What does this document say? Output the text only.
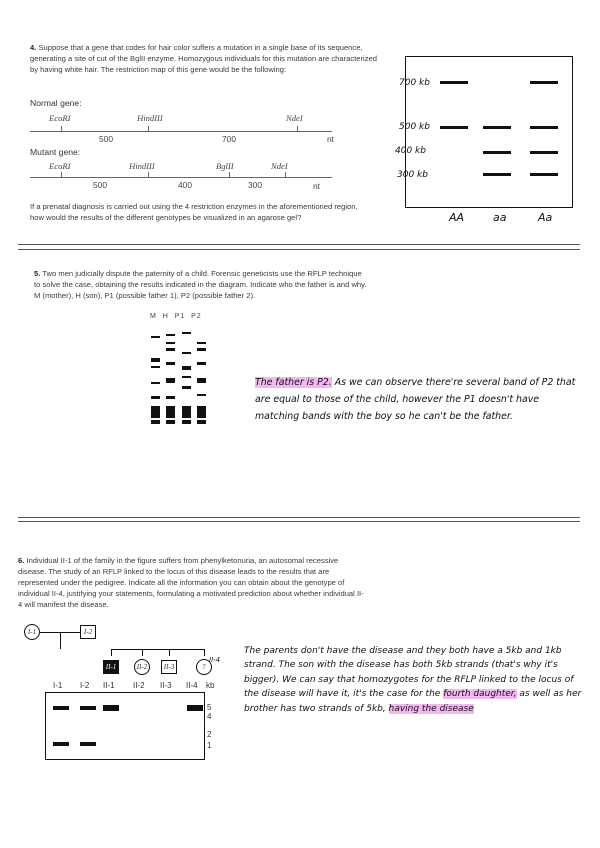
4. Suppose that a gene that codes for hair color suffers a mutation in a single base of its sequence, generating a site of cut of the BglII enzyme. Homozygous individuals for this mutation are characterized by having white hair. The restriction map of this gene would be the following:
Normal gene:
EcoRI	HindIII	NdeI
500	700	nt
Mutant gene:
EcoRI	HindIII	BglII	NdeI
500	400	300	nt
If a prenatal diagnosis is carried out using the 4 restriction enzymes in the aforementioned region, how would the results of the different genotypes be visualized in an agarose gel?
700 kb
500 kb
400 kb
300 kb
AA	aa	Aa
5. Two men judicially dispute the paternity of a child. Forensic geneticists use the RFLP technique to solve the case, obtaining the results indicated in the diagram. Indicate who the father is and why. M (mother), H (son), P1 (possible father 1), P2 (possible father 2).
M H P1 P2
The father is P2. As we can observe there're several band of P2 that are equal to those of the child, however the P1 doesn't have matching bands with the boy so he can't be the father.
6. Individual II-1 of the family in the figure suffers from phenylketonuria, an autosomal recessive disease. The study of an RFLP linked to the locus of this disease leads to the results that are represented under the pedigree. Indicate all the information you can obtain about the genotype of individual II-4, justifying your statements, formulating a motivated prediction about whether individual II-4 will manifest the disease.
I-1	I-2
II-1	II-2	II-3	?
II-4
I-1 I-2 II-1 II-2 II-3 II-4 kb
5
4
2
1
The parents don't have the disease and they both have a 5kb and 1kb strand. The son with the disease has both 5kb strands (that's why it's bigger). We can say that homozygotes for the RFLP linked to the locus of the disease will have it, it's the case for the fourth daughter, as well as her brother has two strands of 5kb, having the disease
